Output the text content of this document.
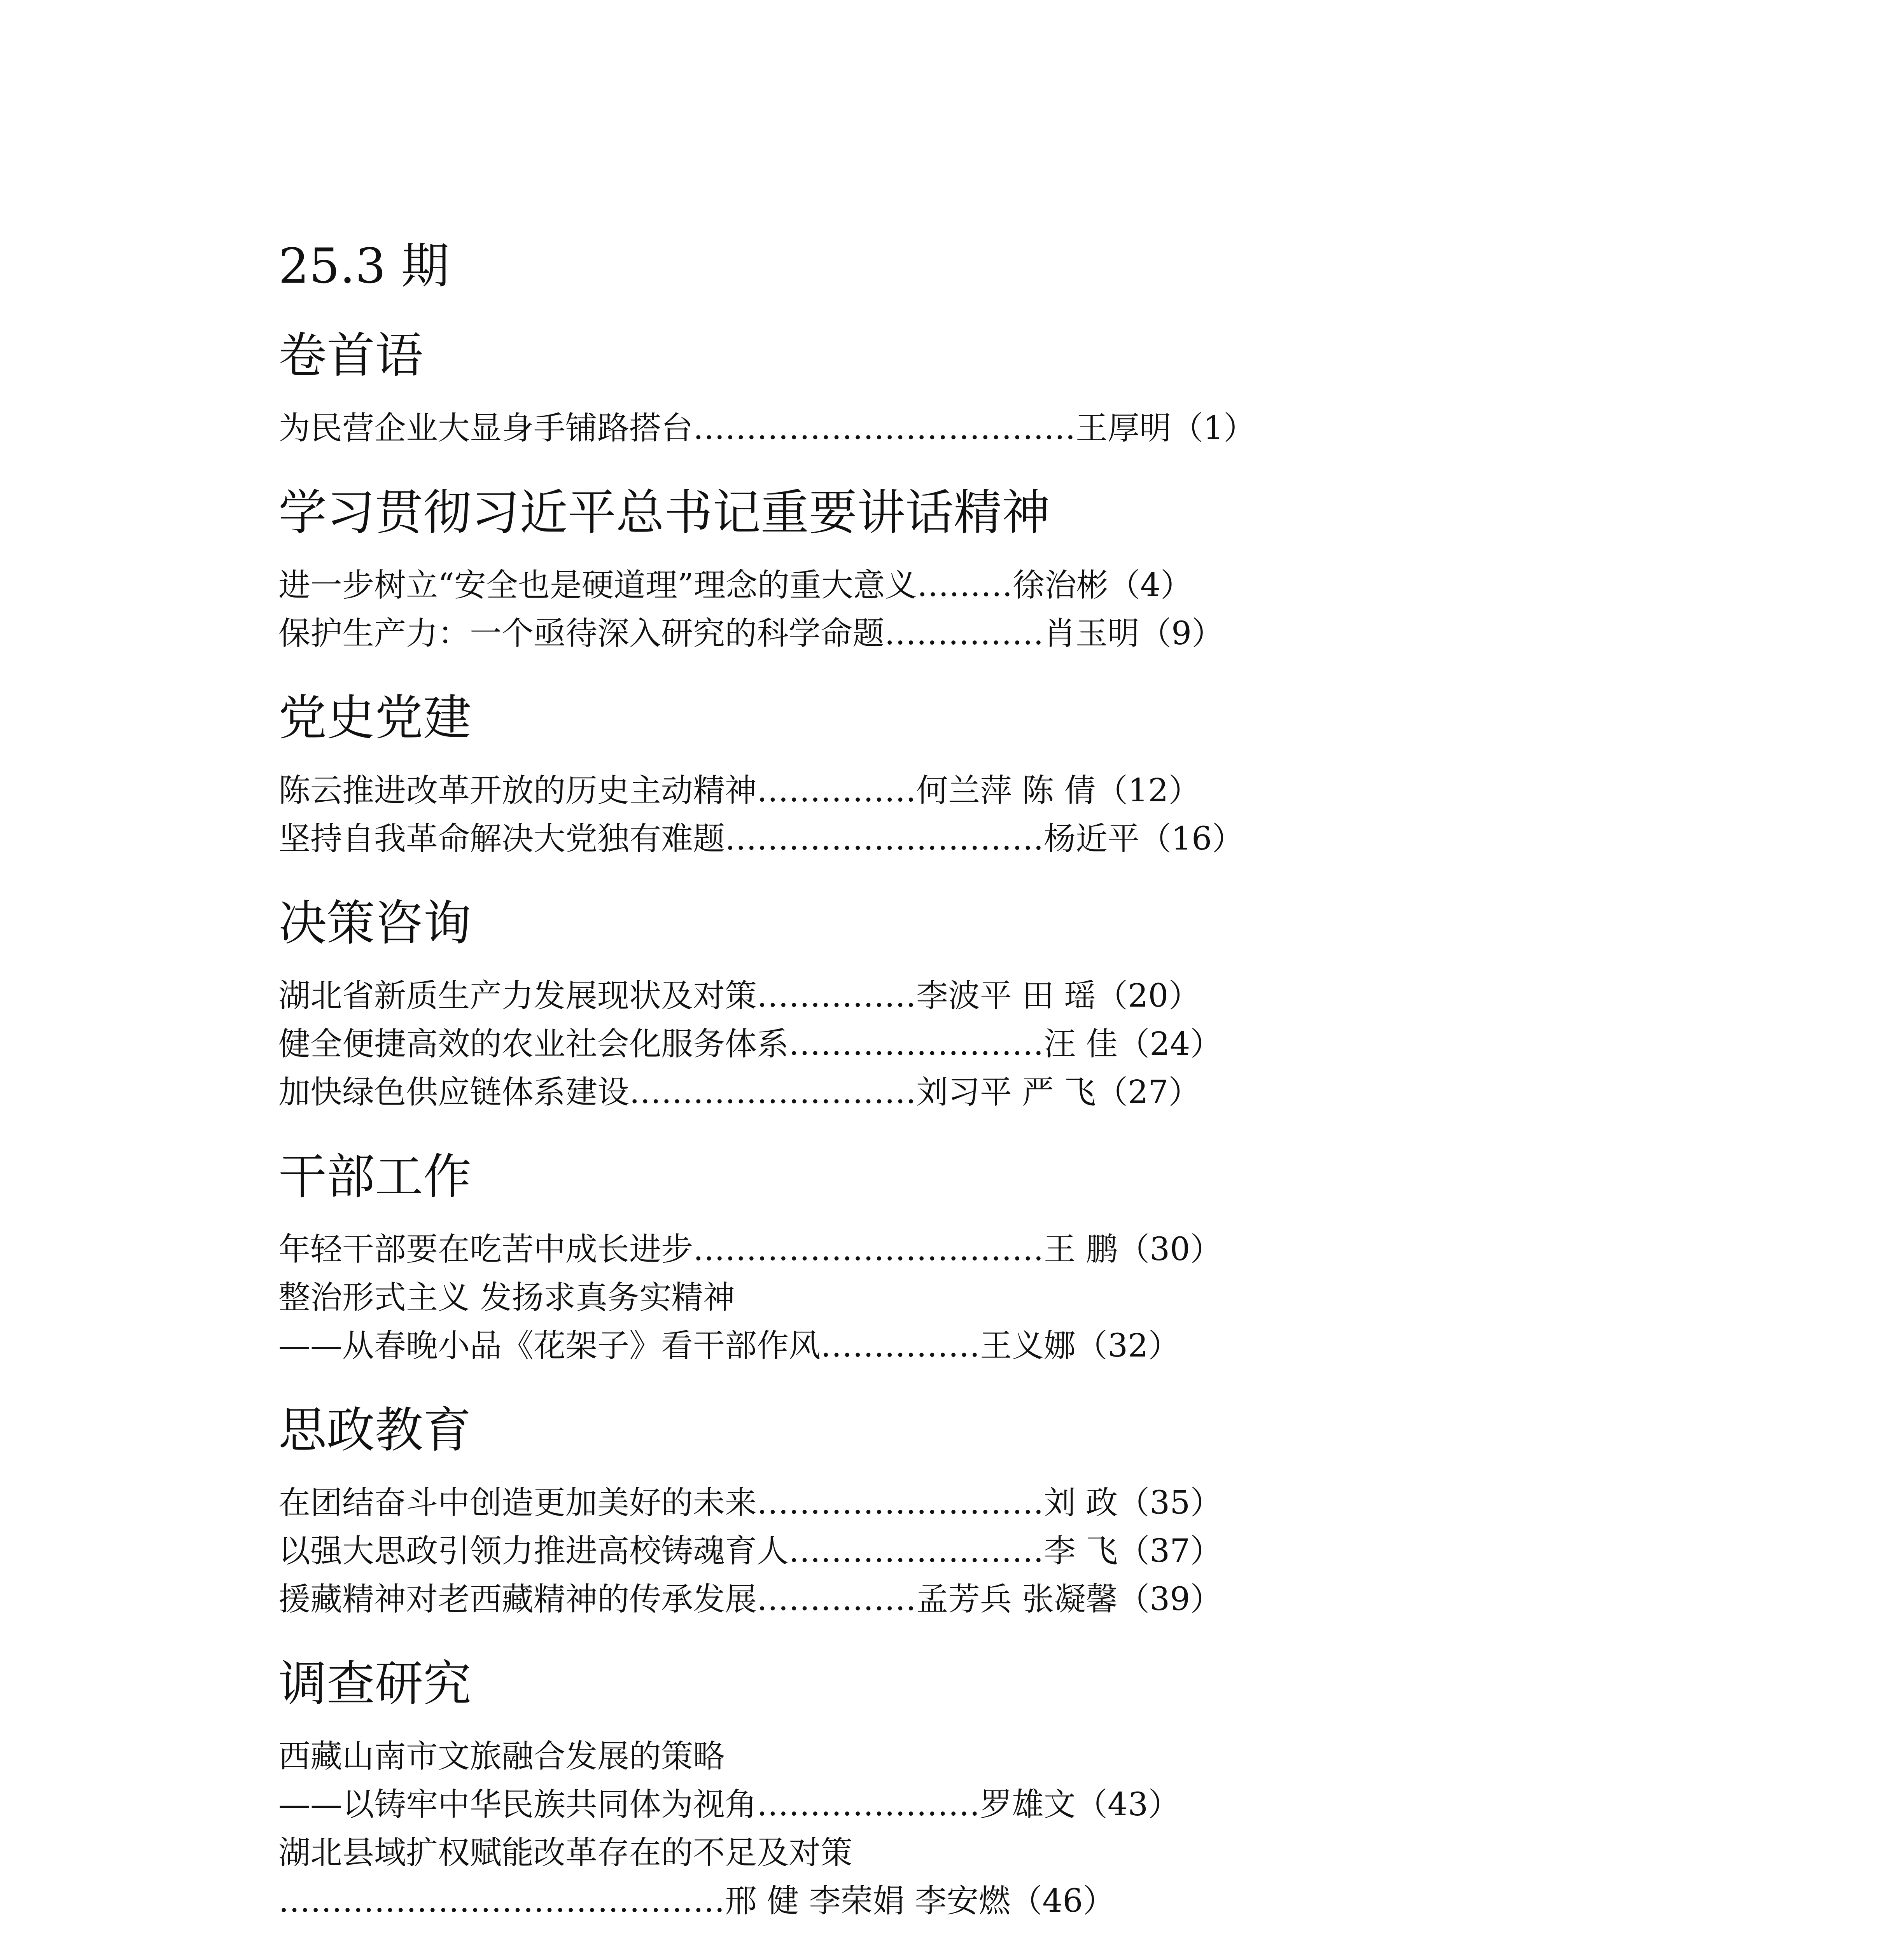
25.3 期
卷首语
为民营企业大显身手铺路搭台………………………………王厚明（1）
学习贯彻习近平总书记重要讲话精神
进一步树立“安全也是硬道理”理念的重大意义………徐治彬（4）
保护生产力：一个亟待深入研究的科学命题……………肖玉明（9）
党史党建
陈云推进改革开放的历史主动精神……………何兰萍 陈 倩（12）
坚持自我革命解决大党独有难题…………………………杨近平（16）
决策咨询
湖北省新质生产力发展现状及对策……………李波平 田 瑶（20）
健全便捷高效的农业社会化服务体系……………………汪 佳（24）
加快绿色供应链体系建设………………………刘习平 严 飞（27）
干部工作
年轻干部要在吃苦中成长进步……………………………王 鹏（30）
整治形式主义 发扬求真务实精神
——从春晚小品《花架子》看干部作风……………王义娜（32）
思政教育
在团结奋斗中创造更加美好的未来………………………刘 政（35）
以强大思政引领力推进高校铸魂育人……………………李 飞（37）
援藏精神对老西藏精神的传承发展……………孟芳兵 张凝馨（39）
调查研究
西藏山南市文旅融合发展的策略
——以铸牢中华民族共同体为视角…………………罗雄文（43）
湖北县域扩权赋能改革存在的不足及对策
……………………………………邢 健 李荣娟 李安燃（46）
